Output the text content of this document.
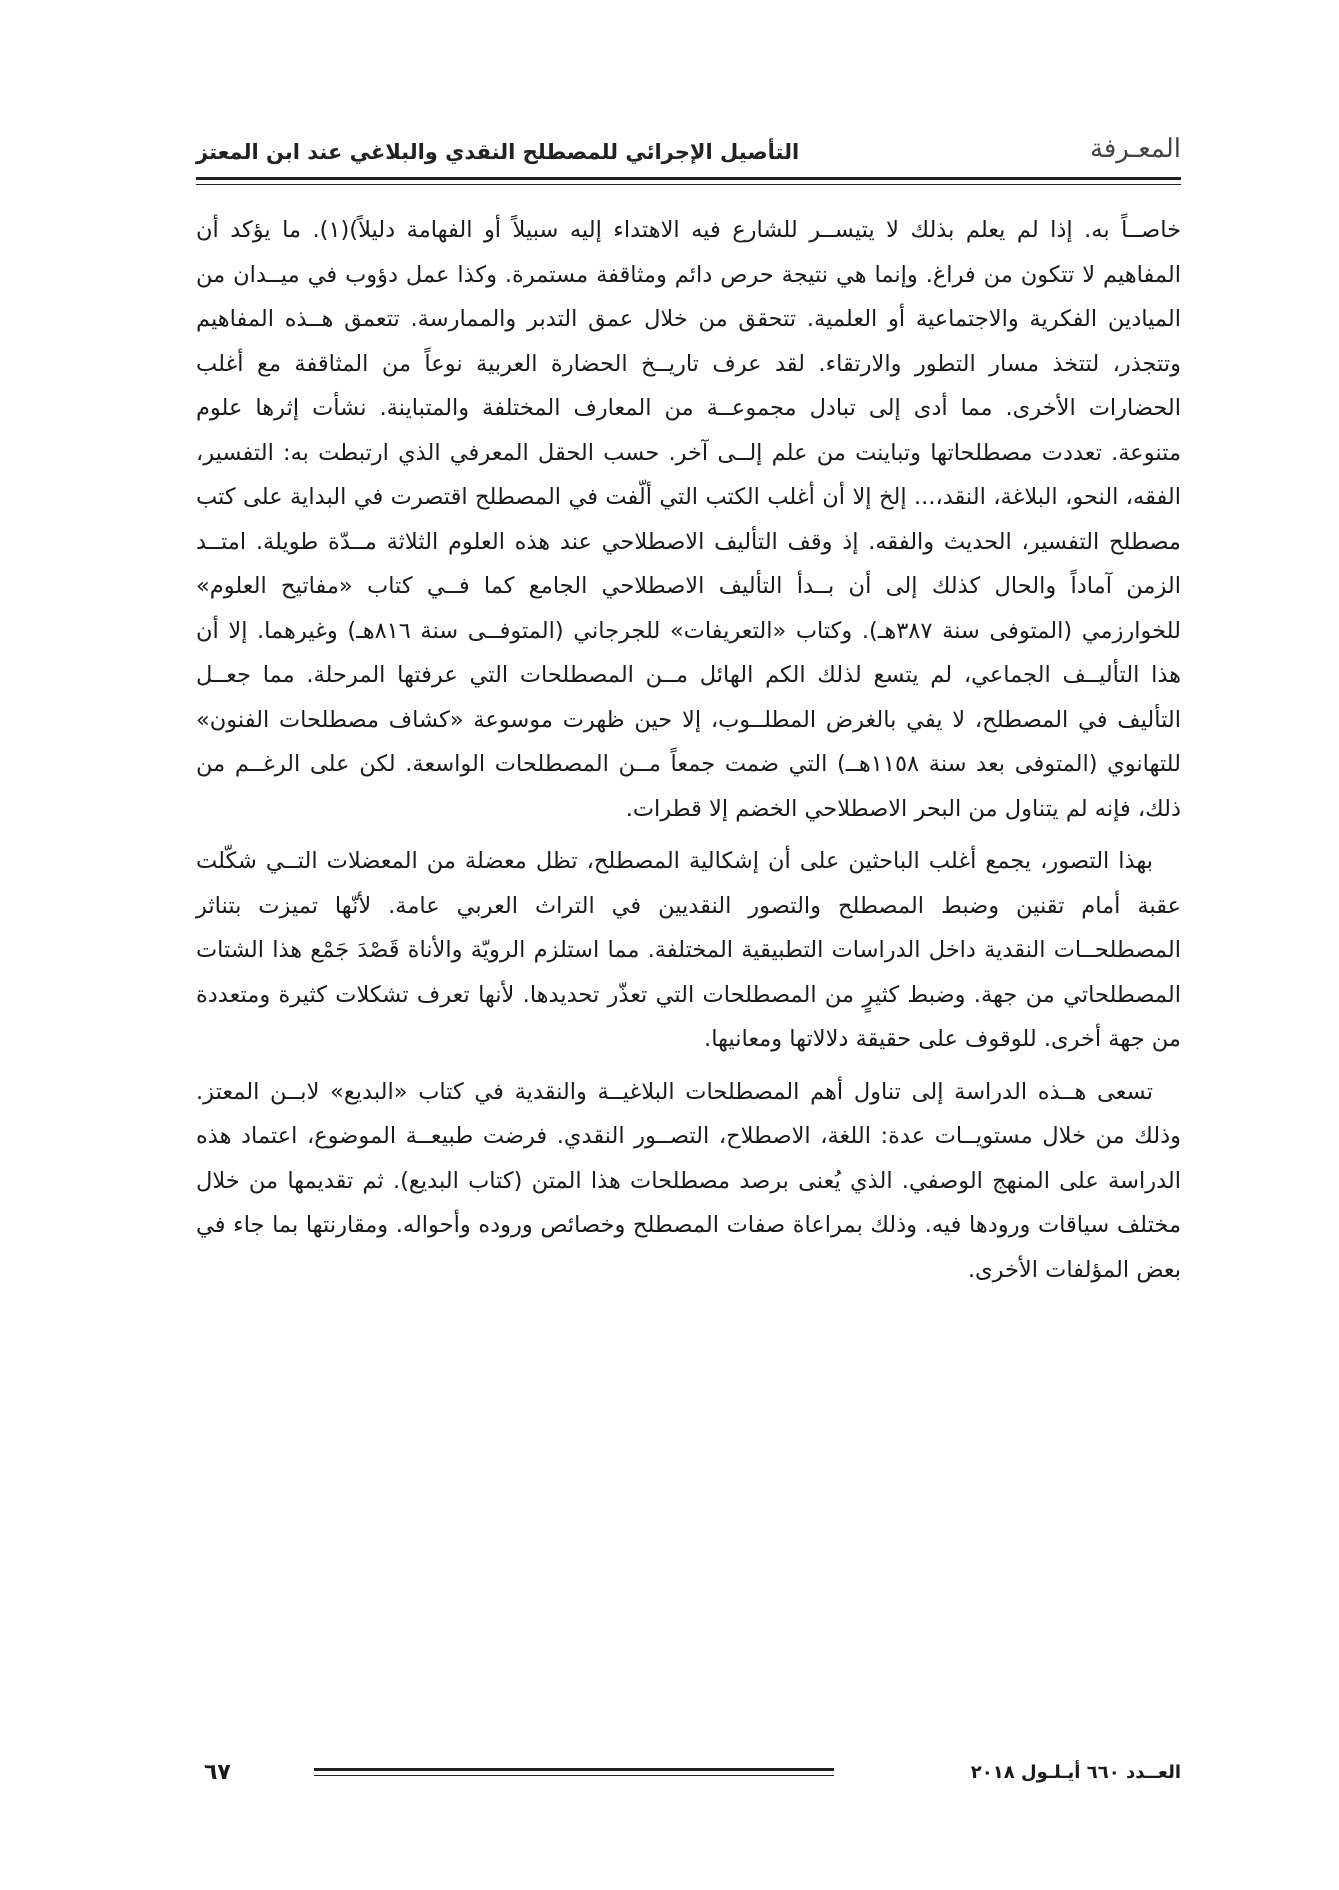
المعـرفة
التأصيل الإجرائي للمصطلح النقدي والبلاغي عند ابن المعتز

خاصــاً به. إذا لم يعلم بذلك لا يتيســر للشارع فيه الاهتداء إليه سبيلاً أو الفهامة دليلاً)(١). ما يؤكد أن المفاهيم لا تتكون من فراغ. وإنما هي نتيجة حرص دائم ومثاقفة مستمرة. وكذا عمل دؤوب في ميــدان من الميادين الفكرية والاجتماعية أو العلمية. تتحقق من خلال عمق التدبر والممارسة. تتعمق هــذه المفاهيم وتتجذر، لتتخذ مسار التطور والارتقاء. لقد عرف تاريــخ الحضارة العربية نوعاً من المثاقفة مع أغلب الحضارات الأخرى. مما أدى إلى تبادل مجموعــة من المعارف المختلفة والمتباينة. نشأت إثرها علوم متنوعة. تعددت مصطلحاتها وتباينت من علم إلــى آخر. حسب الحقل المعرفي الذي ارتبطت به: التفسير، الفقه، النحو، البلاغة، النقد،... إلخ إلا أن أغلب الكتب التي ألّفت في المصطلح اقتصرت في البداية على كتب مصطلح التفسير، الحديث والفقه. إذ وقف التأليف الاصطلاحي عند هذه العلوم الثلاثة مــدّة طويلة. امتــد الزمن آماداً والحال كذلك إلى أن بــدأ التأليف الاصطلاحي الجامع كما فــي كتاب «مفاتيح العلوم» للخوارزمي (المتوفى سنة ٣٨٧هـ). وكتاب «التعريفات» للجرجاني (المتوفــى سنة ٨١٦هـ) وغيرهما. إلا أن هذا التأليــف الجماعي، لم يتسع لذلك الكم الهائل مــن المصطلحات التي عرفتها المرحلة. مما جعــل التأليف في المصطلح، لا يفي بالغرض المطلــوب، إلا حين ظهرت موسوعة «كشاف مصطلحات الفنون» للتهانوي (المتوفى بعد سنة ١١٥٨هــ) التي ضمت جمعاً مــن المصطلحات الواسعة. لكن على الرغــم من ذلك، فإنه لم يتناول من البحر الاصطلاحي الخضم إلا قطرات.

بهذا التصور، يجمع أغلب الباحثين على أن إشكالية المصطلح، تظل معضلة من المعضلات التــي شكّلت عقبة أمام تقنين وضبط المصطلح والتصور النقديين في التراث العربي عامة. لأنّها تميزت بتناثر المصطلحــات النقدية داخل الدراسات التطبيقية المختلفة. مما استلزم الرويّة والأناة قَصْدَ جَمْع هذا الشتات المصطلحاتي من جهة. وضبط كثيرٍ من المصطلحات التي تعذّر تحديدها. لأنها تعرف تشكلات كثيرة ومتعددة من جهة أخرى. للوقوف على حقيقة دلالاتها ومعانيها.

تسعى هــذه الدراسة إلى تناول أهم المصطلحات البلاغيــة والنقدية في كتاب «البديع» لابــن المعتز. وذلك من خلال مستويــات عدة: اللغة، الاصطلاح، التصــور النقدي. فرضت طبيعــة الموضوع، اعتماد هذه الدراسة على المنهج الوصفي. الذي يُعنى برصد مصطلحات هذا المتن (كتاب البديع). ثم تقديمها من خلال مختلف سياقات ورودها فيه. وذلك بمراعاة صفات المصطلح وخصائص وروده وأحواله. ومقارنتها بما جاء في بعض المؤلفات الأخرى.

العــدد ٦٦٠ أيـلـول ٢٠١٨
٦٧
